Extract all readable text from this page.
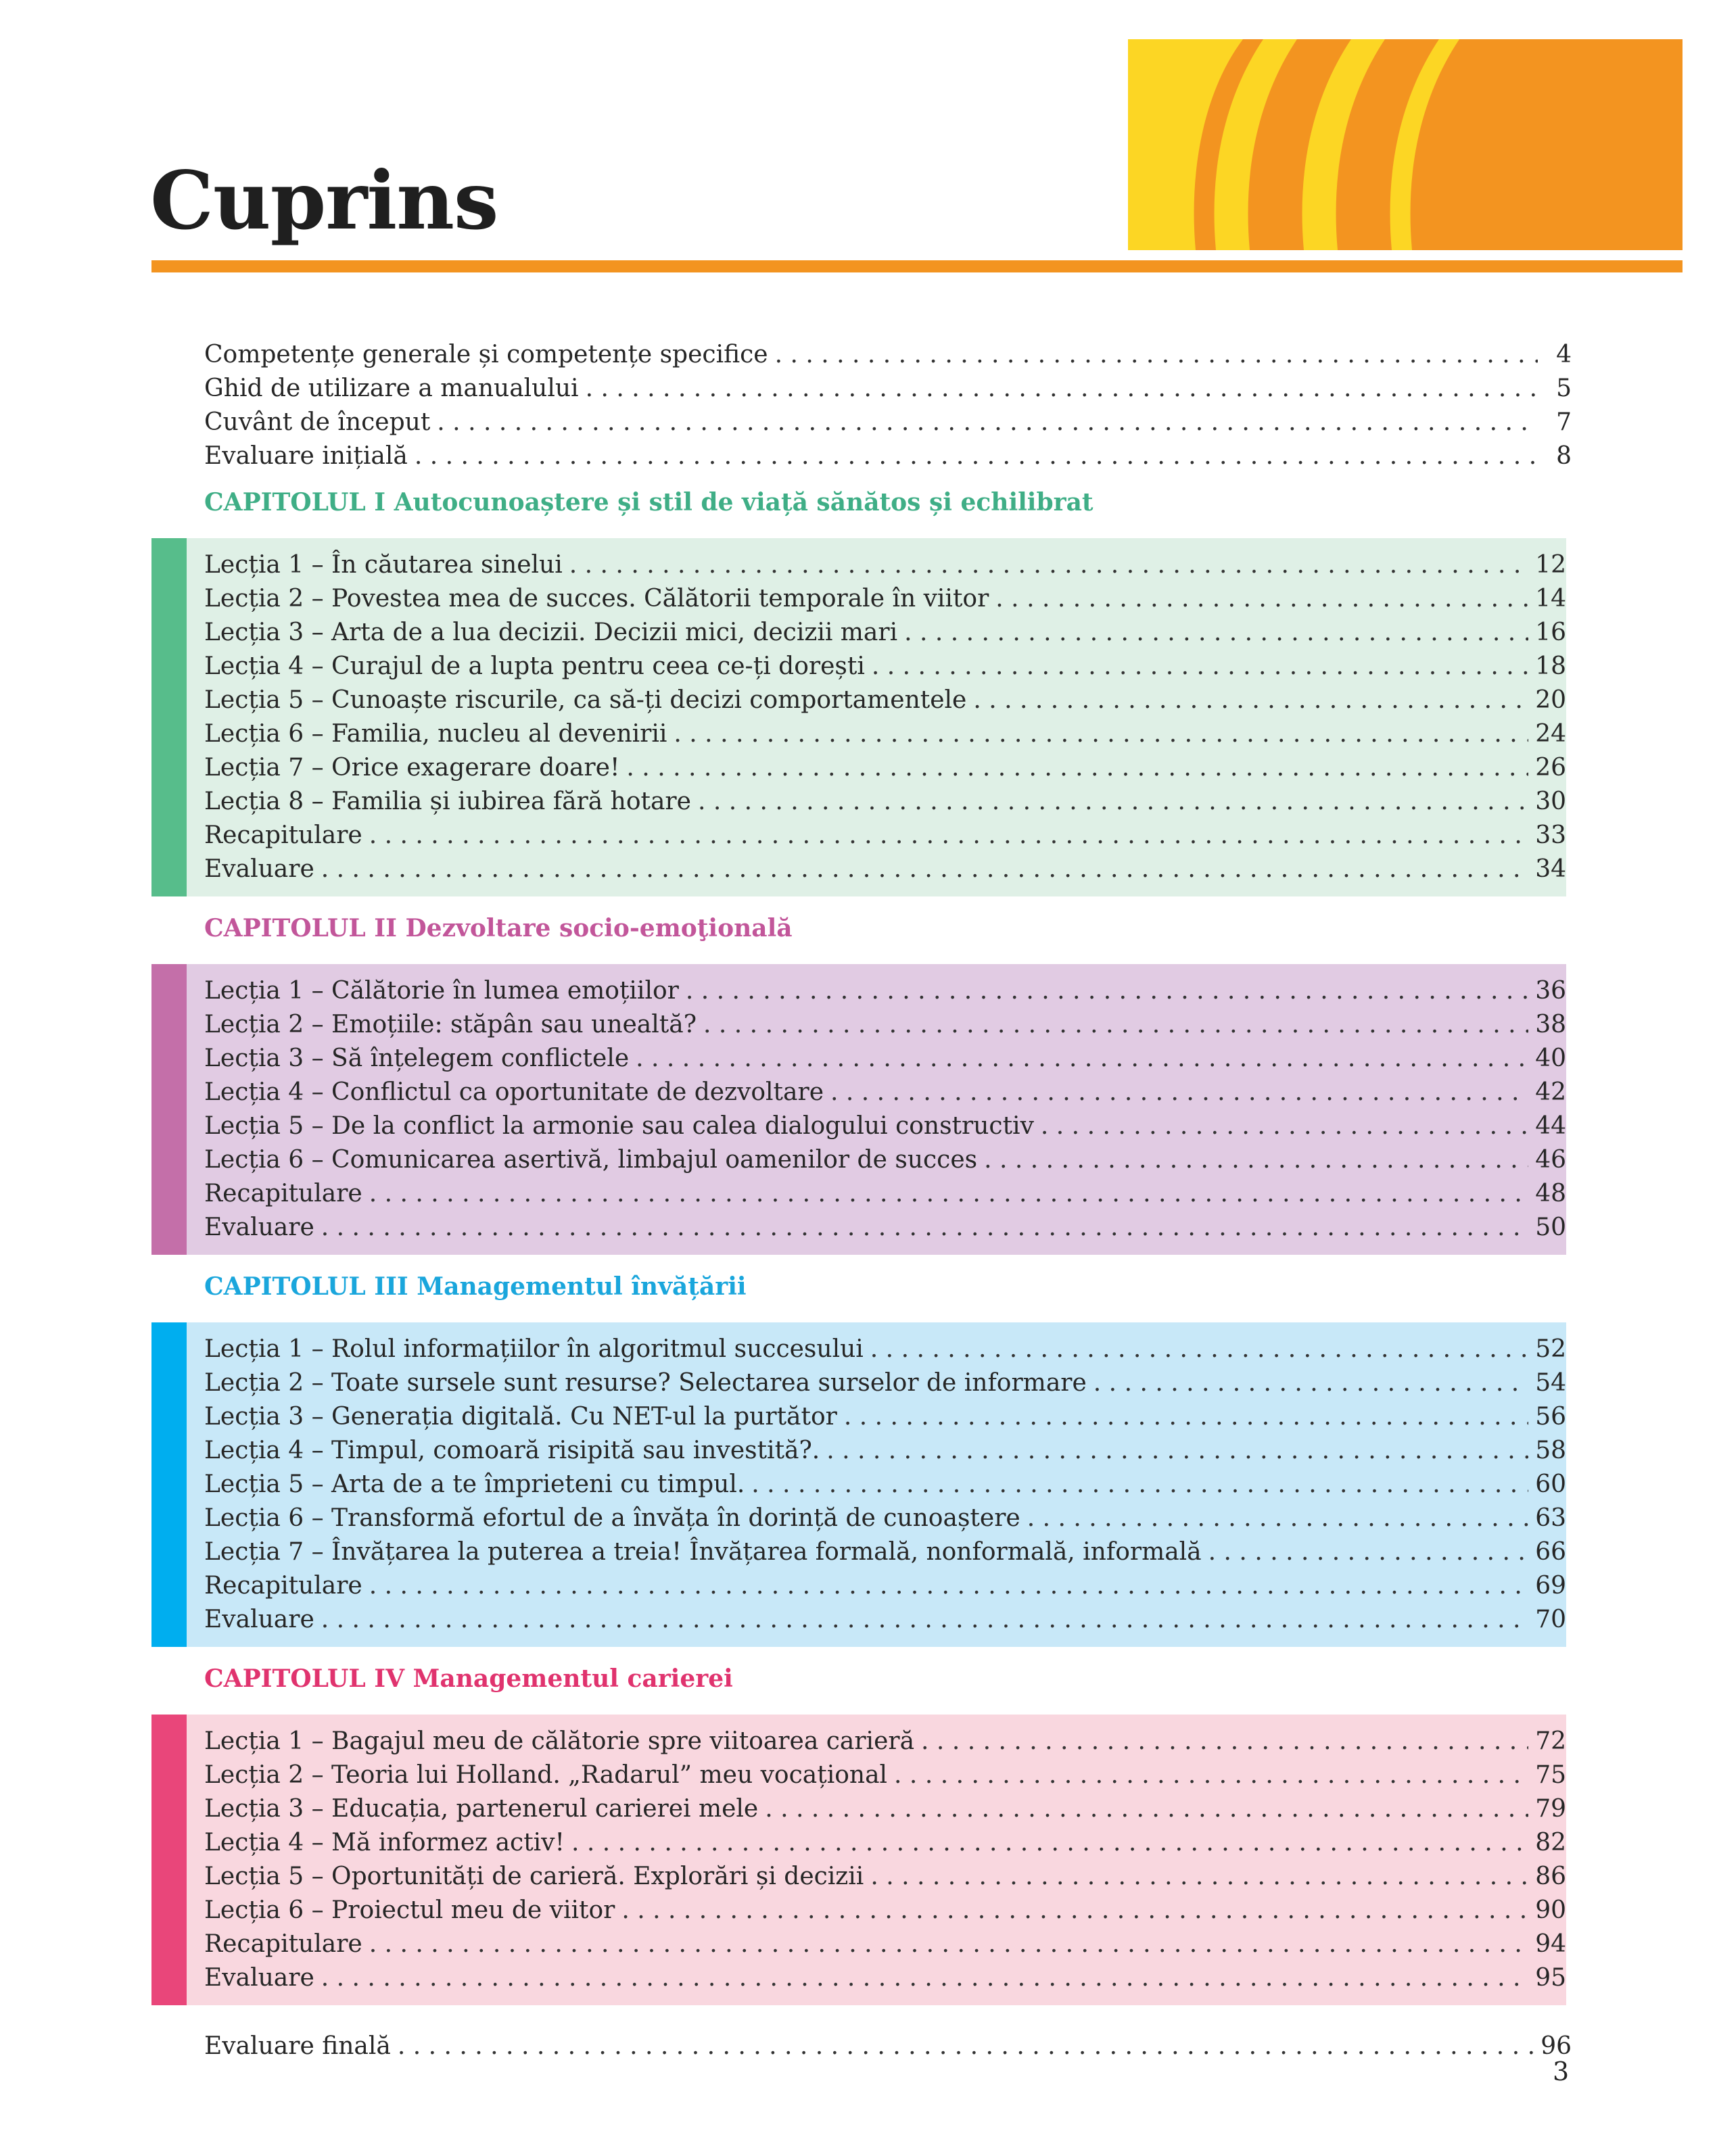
Cuprins
Competențe generale și competențe specifice . . .	4
Ghid de utilizare a manualului . . .	5
Cuvânt de început . . .	7
Evaluare inițială . . .	8
CAPITOLUL I Autocunoaștere și stil de viață sănătos și echilibrat
Lecția 1 – În căutarea sinelui . . .	12
Lecția 2 – Povestea mea de succes. Călătorii temporale în viitor . . .	14
Lecția 3 – Arta de a lua decizii. Decizii mici, decizii mari . . .	16
Lecția 4 – Curajul de a lupta pentru ceea ce-ți dorești . . .	18
Lecția 5 – Cunoaște riscurile, ca să-ți decizi comportamentele . . .	20
Lecția 6 – Familia, nucleu al devenirii . . .	24
Lecția 7 – Orice exagerare doare! . . .	26
Lecția 8 – Familia și iubirea fără hotare . . .	30
Recapitulare . . .	33
Evaluare . . .	34
CAPITOLUL II Dezvoltare socio-emoţională
Lecția 1 – Călătorie în lumea emoțiilor . . .	36
Lecția 2 – Emoțiile: stăpân sau unealtă? . . .	38
Lecția 3 – Să înțelegem conflictele . . .	40
Lecția 4 – Conflictul ca oportunitate de dezvoltare . . .	42
Lecția 5 – De la conflict la armonie sau calea dialogului constructiv . . .	44
Lecția 6 – Comunicarea asertivă, limbajul oamenilor de succes . . .	46
Recapitulare . . .	48
Evaluare . . .	50
CAPITOLUL III Managementul învățării
Lecția 1 – Rolul informațiilor în algoritmul succesului . . .	52
Lecția 2 – Toate sursele sunt resurse? Selectarea surselor de informare . . .	54
Lecția 3 – Generația digitală. Cu NET-ul la purtător . . .	56
Lecția 4 – Timpul, comoară risipită sau investită?. . . .	58
Lecția 5 – Arta de a te împrieteni cu timpul. . . .	60
Lecția 6 – Transformă efortul de a învăța în dorință de cunoaștere . . .	63
Lecția 7 – Învățarea la puterea a treia! Învățarea formală, nonformală, informală . . .	66
Recapitulare . . .	69
Evaluare . . .	70
CAPITOLUL IV Managementul carierei
Lecția 1 – Bagajul meu de călătorie spre viitoarea carieră . . .	72
Lecția 2 – Teoria lui Holland. „Radarul” meu vocațional . . .	75
Lecția 3 – Educația, partenerul carierei mele . . .	79
Lecția 4 – Mă informez activ! . . .	82
Lecția 5 – Oportunități de carieră. Explorări și decizii . . .	86
Lecția 6 – Proiectul meu de viitor . . .	90
Recapitulare . . .	94
Evaluare . . .	95
Evaluare finală . . .	96
3
